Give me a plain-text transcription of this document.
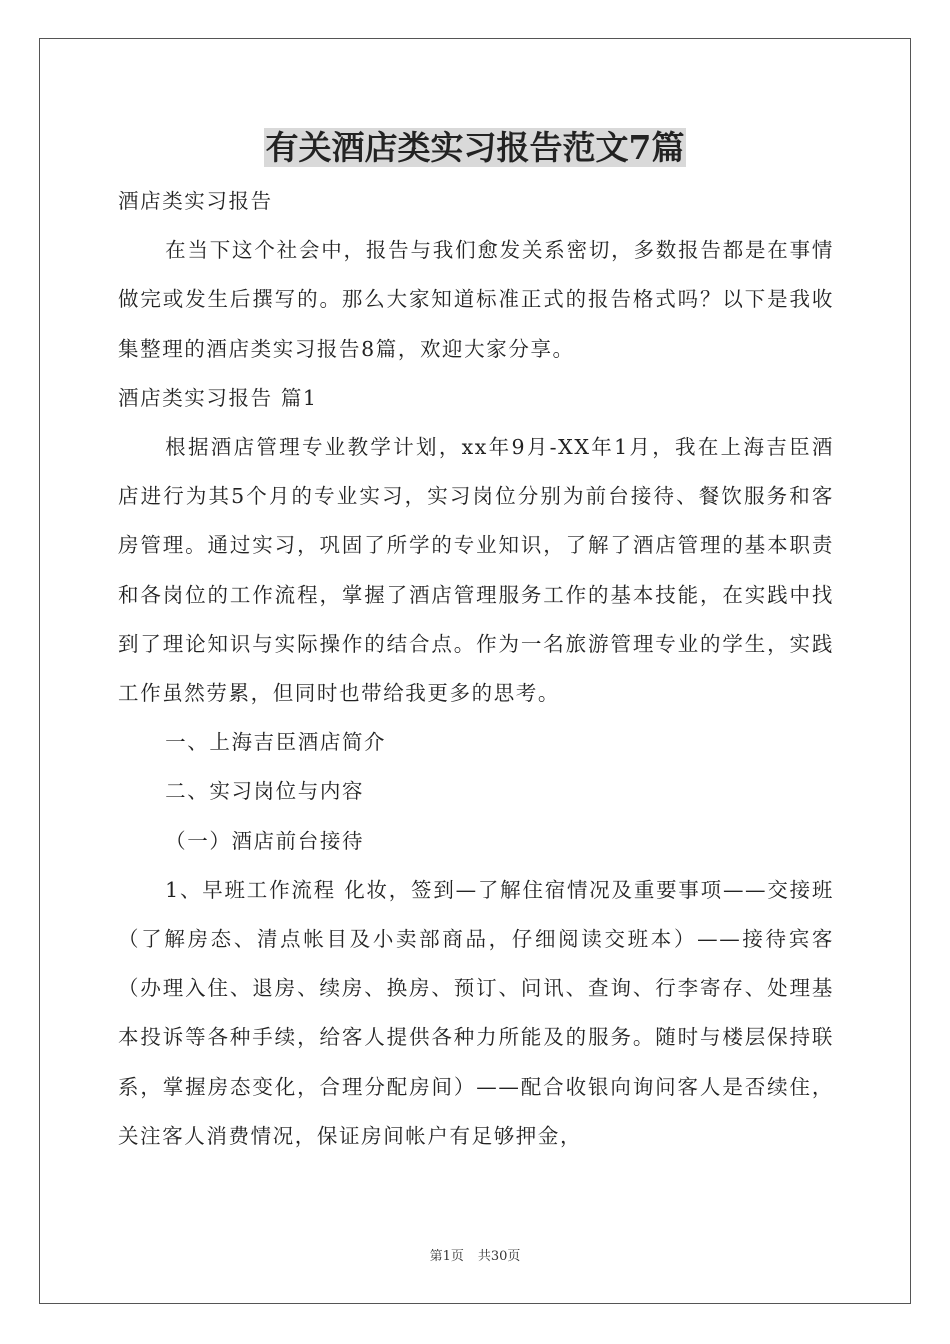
有关酒店类实习报告范文7篇

酒店类实习报告

在当下这个社会中，报告与我们愈发关系密切，多数报告都是在事情做完或发生后撰写的。那么大家知道标准正式的报告格式吗？以下是我收集整理的酒店类实习报告8篇，欢迎大家分享。

酒店类实习报告 篇1

根据酒店管理专业教学计划，xx年9月-XX年1月，我在上海吉臣酒店进行为其5个月的专业实习，实习岗位分别为前台接待、餐饮服务和客房管理。通过实习，巩固了所学的专业知识，了解了酒店管理的基本职责和各岗位的工作流程，掌握了酒店管理服务工作的基本技能，在实践中找到了理论知识与实际操作的结合点。作为一名旅游管理专业的学生，实践工作虽然劳累，但同时也带给我更多的思考。

一、上海吉臣酒店简介

二、实习岗位与内容

（一）酒店前台接待

1、早班工作流程 化妆，签到—了解住宿情况及重要事项——交接班（了解房态、清点帐目及小卖部商品，仔细阅读交班本）——接待宾客（办理入住、退房、续房、换房、预订、问讯、查询、行李寄存、处理基本投诉等各种手续，给客人提供各种力所能及的服务。随时与楼层保持联系，掌握房态变化，合理分配房间）——配合收银向询问客人是否续住，关注客人消费情况，保证房间帐户有足够押金，

第1页 共30页
